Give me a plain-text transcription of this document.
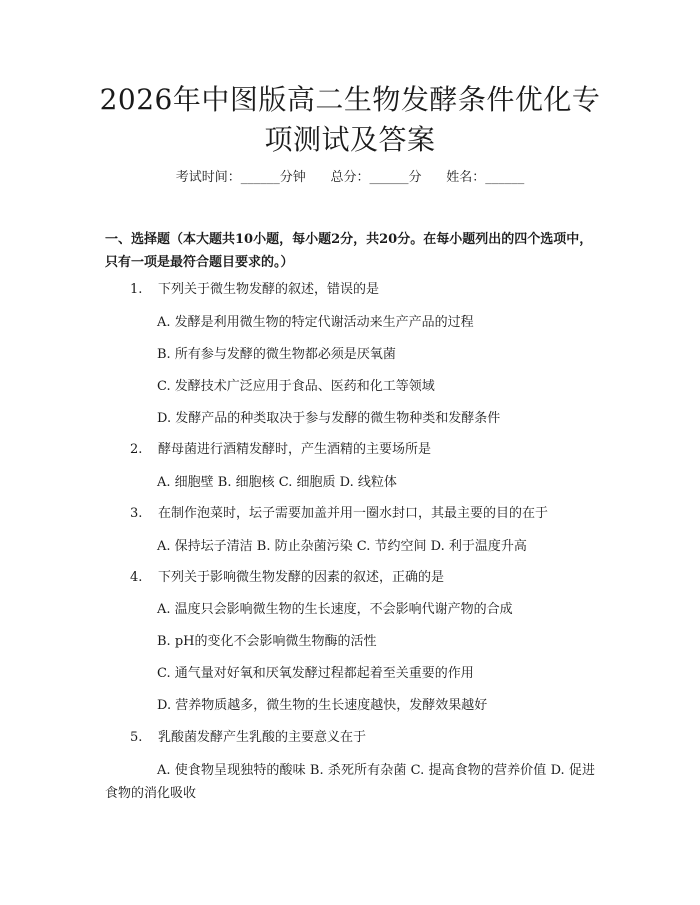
2026年中图版高二生物发酵条件优化专项测试及答案
考试时间：______分钟      总分：______分      姓名：______

一、选择题（本大题共10小题，每小题2分，共20分。在每小题列出的四个选项中，只有一项是最符合题目要求的。）

1. 下列关于微生物发酵的叙述，错误的是
A. 发酵是利用微生物的特定代谢活动来生产产品的过程
B. 所有参与发酵的微生物都必须是厌氧菌
C. 发酵技术广泛应用于食品、医药和化工等领域
D. 发酵产品的种类取决于参与发酵的微生物种类和发酵条件
2. 酵母菌进行酒精发酵时，产生酒精的主要场所是
A. 细胞壁 B. 细胞核 C. 细胞质 D. 线粒体
3. 在制作泡菜时，坛子需要加盖并用一圈水封口，其最主要的目的在于
A. 保持坛子清洁 B. 防止杂菌污染 C. 节约空间 D. 利于温度升高
4. 下列关于影响微生物发酵的因素的叙述，正确的是
A. 温度只会影响微生物的生长速度，不会影响代谢产物的合成
B. pH的变化不会影响微生物酶的活性
C. 通气量对好氧和厌氧发酵过程都起着至关重要的作用
D. 营养物质越多，微生物的生长速度越快，发酵效果越好
5. 乳酸菌发酵产生乳酸的主要意义在于
A. 使食物呈现独特的酸味 B. 杀死所有杂菌 C. 提高食物的营养价值 D. 促进食物的消化吸收
